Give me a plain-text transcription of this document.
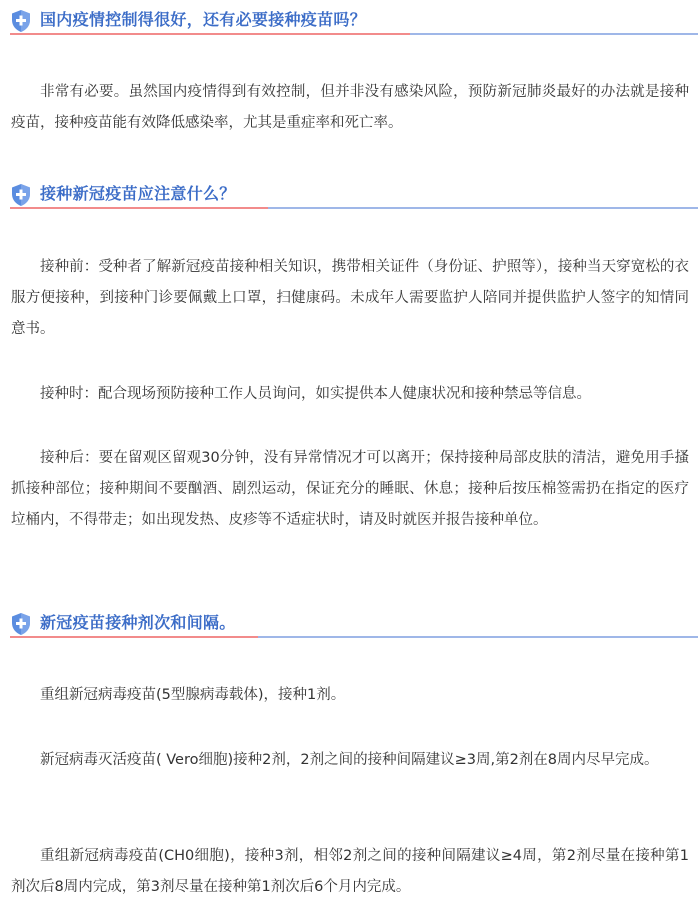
国内疫情控制得很好，还有必要接种疫苗吗？

非常有必要。虽然国内疫情得到有效控制，但并非没有感染风险，预防新冠肺炎最好的办法就是接种疫苗，接种疫苗能有效降低感染率，尤其是重症率和死亡率。

接种新冠疫苗应注意什么？

接种前：受种者了解新冠疫苗接种相关知识，携带相关证件（身份证、护照等），接种当天穿宽松的衣服方便接种，到接种门诊要佩戴上口罩，扫健康码。未成年人需要监护人陪同并提供监护人签字的知情同意书。

接种时：配合现场预防接种工作人员询问，如实提供本人健康状况和接种禁忌等信息。

接种后：要在留观区留观30分钟，没有异常情况才可以离开；保持接种局部皮肤的清洁，避免用手搔抓接种部位；接种期间不要酗酒、剧烈运动，保证充分的睡眠、休息；接种后按压棉签需扔在指定的医疗垃桶内，不得带走；如出现发热、皮疹等不适症状时，请及时就医并报告接种单位。

新冠疫苗接种剂次和间隔。

重组新冠病毒疫苗(5型腺病毒载体)，接种1剂。

新冠病毒灭活疫苗( Vero细胞)接种2剂，2剂之间的接种间隔建议≥3周,第2剂在8周内尽早完成。

重组新冠病毒疫苗(CH0细胞)，接种3剂，相邻2剂之间的接种间隔建议≥4周，第2剂尽量在接种第1剂次后8周内完成，第3剂尽量在接种第1剂次后6个月内完成。
